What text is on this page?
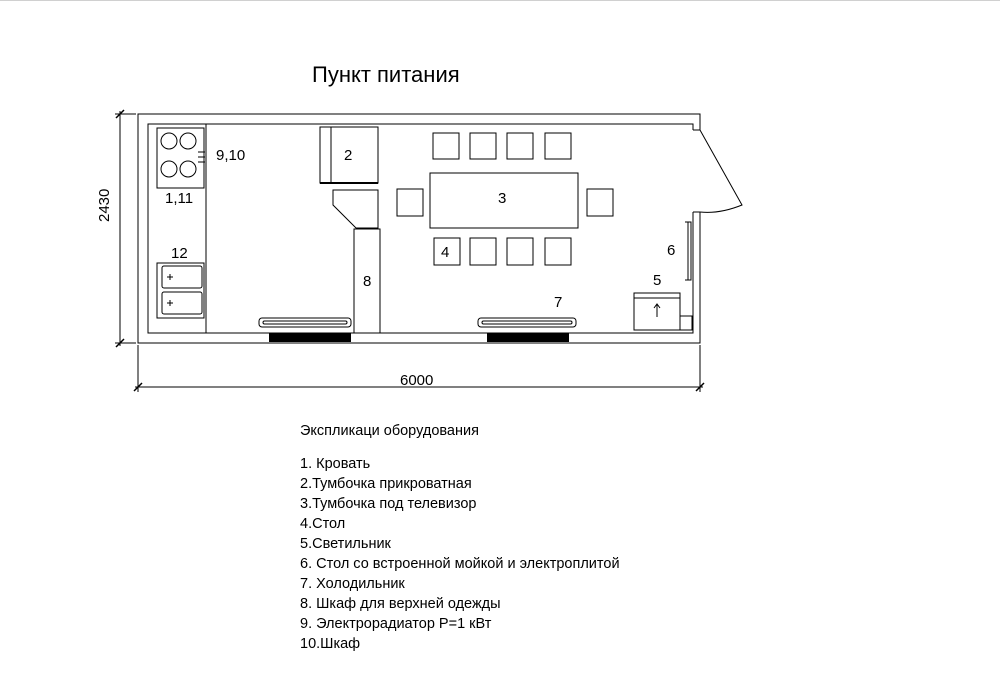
Пункт питания
6000
2430
2
3
4
5
6
7
8
9,10
1,11
12
Экспликаци оборудования
1. Кровать
2.Тумбочка прикроватная
3.Тумбочка под телевизор
4.Стол
5.Светильник
6. Стол со встроенной мойкой и электроплитой
7. Холодильник
8. Шкаф для верхней одежды
9. Электрорадиатор P=1 кВт
10.Шкаф
